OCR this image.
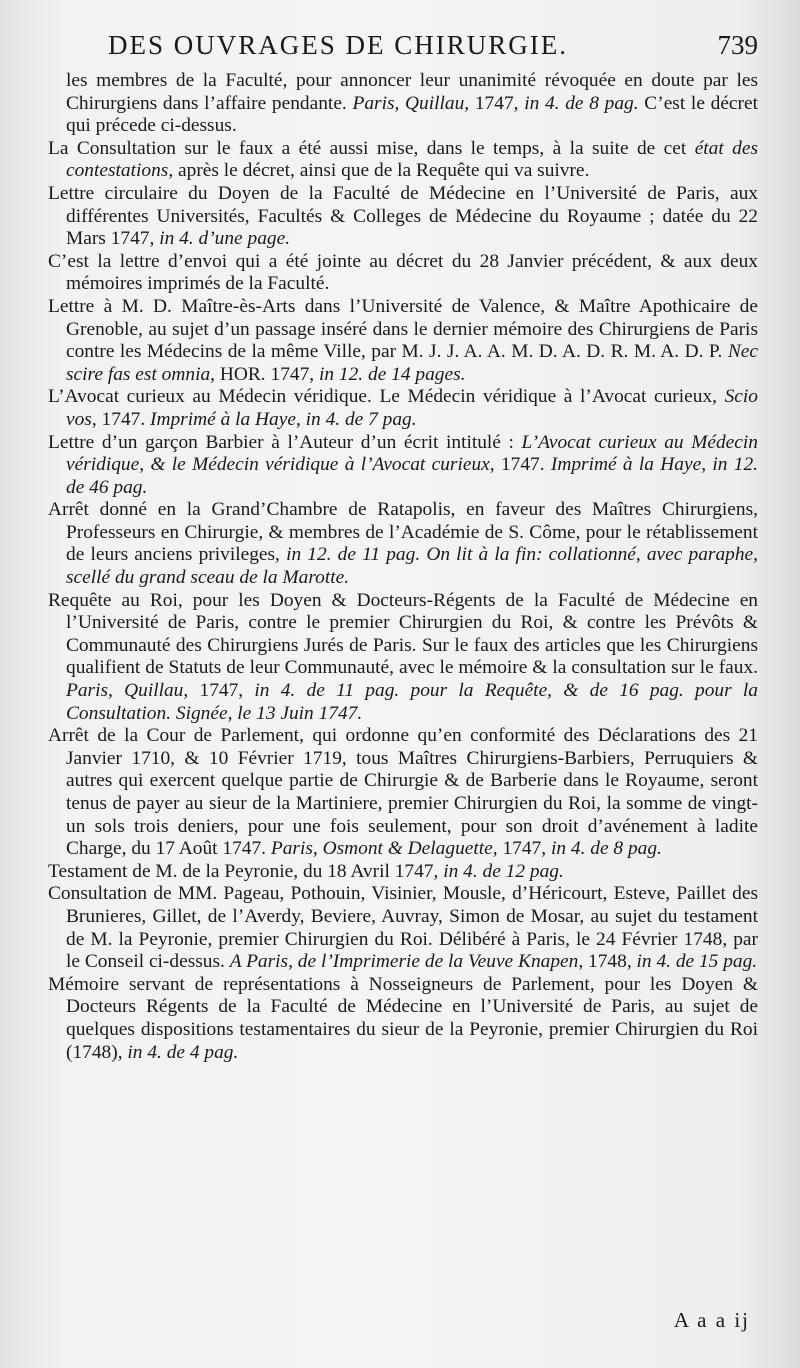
DES OUVRAGES DE CHIRURGIE.	739

les membres de la Faculté, pour annoncer leur unanimité révoquée en doute par les Chirurgiens dans l’affaire pendante. Paris, Quillau, 1747, in 4. de 8 pag. C’est le décret qui précede ci-dessus.

La Consultation sur le faux a été aussi mise, dans le temps, à la suite de cet état des contestations, après le décret, ainsi que de la Requête qui va suivre.

Lettre circulaire du Doyen de la Faculté de Médecine en l’Université de Paris, aux différentes Universités, Facultés & Colleges de Médecine du Royaume ; datée du 22 Mars 1747, in 4. d’une page.

C’est la lettre d’envoi qui a été jointe au décret du 28 Janvier précédent, & aux deux mémoires imprimés de la Faculté.

Lettre à M. D. Maître-ès-Arts dans l’Université de Valence, & Maître Apothicaire de Grenoble, au sujet d’un passage inséré dans le dernier mémoire des Chirurgiens de Paris contre les Médecins de la même Ville, par M. J. J. A. A. M. D. A. D. R. M. A. D. P. Nec scire fas est omnia, HOR. 1747, in 12. de 14 pages.

L’Avocat curieux au Médecin véridique. Le Médecin véridique à l’Avocat curieux, Scio vos, 1747. Imprimé à la Haye, in 4. de 7 pag.

Lettre d’un garçon Barbier à l’Auteur d’un écrit intitulé : L’Avocat curieux au Médecin véridique, & le Médecin véridique à l’Avocat curieux, 1747. Imprimé à la Haye, in 12. de 46 pag.

Arrêt donné en la Grand’Chambre de Ratapolis, en faveur des Maîtres Chirurgiens, Professeurs en Chirurgie, & membres de l’Académie de S. Côme, pour le rétablissement de leurs anciens privileges, in 12. de 11 pag. On lit à la fin: collationné, avec paraphe, scellé du grand sceau de la Marotte.

Requête au Roi, pour les Doyen & Docteurs-Régents de la Faculté de Médecine en l’Université de Paris, contre le premier Chirurgien du Roi, & contre les Prévôts & Communauté des Chirurgiens Jurés de Paris. Sur le faux des articles que les Chirurgiens qualifient de Statuts de leur Communauté, avec le mémoire & la consultation sur le faux. Paris, Quillau, 1747, in 4. de 11 pag. pour la Requête, & de 16 pag. pour la Consultation. Signée, le 13 Juin 1747.

Arrêt de la Cour de Parlement, qui ordonne qu’en conformité des Déclarations des 21 Janvier 1710, & 10 Février 1719, tous Maîtres Chirurgiens-Barbiers, Perruquiers & autres qui exercent quelque partie de Chirurgie & de Barberie dans le Royaume, seront tenus de payer au sieur de la Martiniere, premier Chirurgien du Roi, la somme de vingt-un sols trois deniers, pour une fois seulement, pour son droit d’avénement à ladite Charge, du 17 Août 1747. Paris, Osmont & Delaguette, 1747, in 4. de 8 pag.

Testament de M. de la Peyronie, du 18 Avril 1747, in 4. de 12 pag.

Consultation de MM. Pageau, Pothouin, Visinier, Mousle, d’Héricourt, Esteve, Paillet des Brunieres, Gillet, de l’Averdy, Beviere, Auvray, Simon de Mosar, au sujet du testament de M. la Peyronie, premier Chirurgien du Roi. Délibéré à Paris, le 24 Février 1748, par le Conseil ci-dessus. A Paris, de l’Imprimerie de la Veuve Knapen, 1748, in 4. de 15 pag.

Mémoire servant de représentations à Nosseigneurs de Parlement, pour les Doyen & Docteurs Régents de la Faculté de Médecine en l’Université de Paris, au sujet de quelques dispositions testamentaires du sieur de la Peyronie, premier Chirurgien du Roi (1748), in 4. de 4 pag.

A a a ij
